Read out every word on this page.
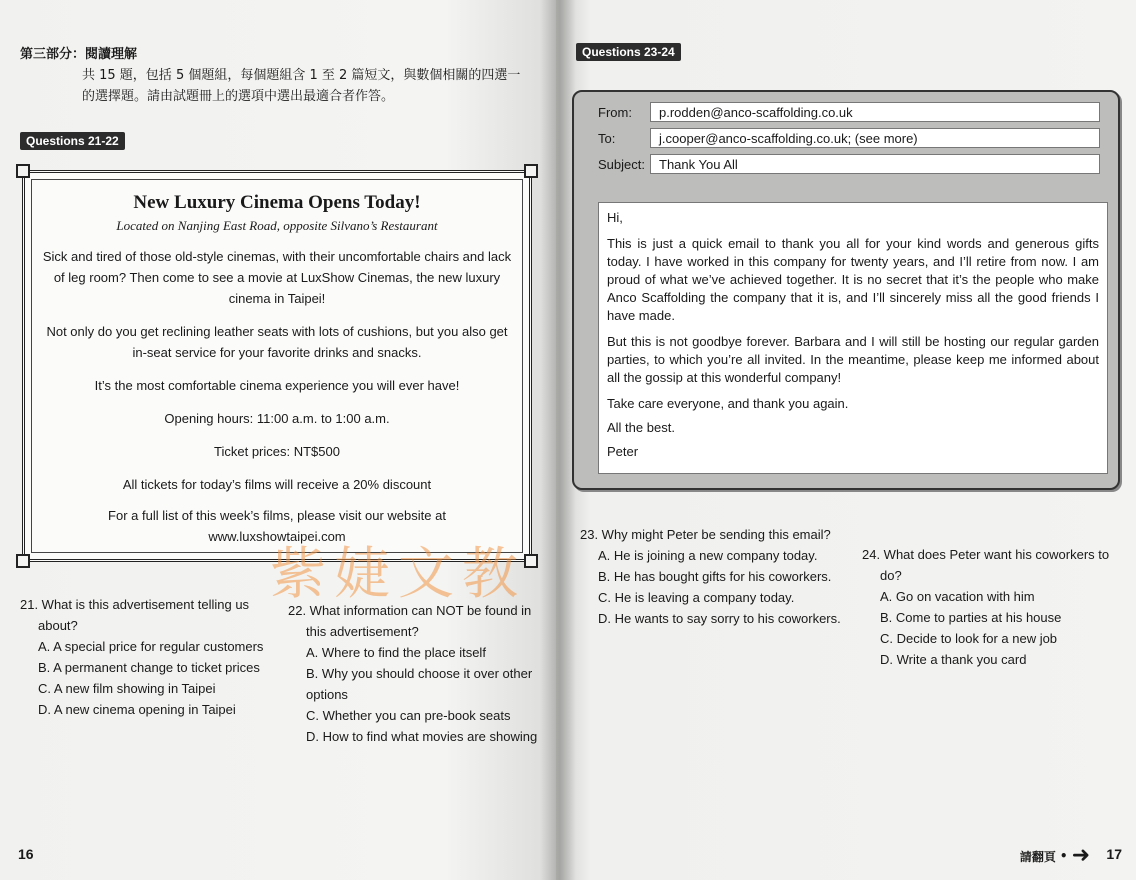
第三部分：閱讀理解
共 15 題，包括 5 個題組，每個題組含 1 至 2 篇短文，與數個相關的四選一的選擇題。請由試題冊上的選項中選出最適合者作答。
Questions 21-22
New Luxury Cinema Opens Today!
Located on Nanjing East Road, opposite Silvano’s Restaurant

Sick and tired of those old-style cinemas, with their uncomfortable chairs and lack of leg room? Then come to see a movie at LuxShow Cinemas, the new luxury cinema in Taipei!

Not only do you get reclining leather seats with lots of cushions, but you also get in-seat service for your favorite drinks and snacks.

It’s the most comfortable cinema experience you will ever have!

Opening hours: 11:00 a.m. to 1:00 a.m.

Ticket prices: NT$500

All tickets for today’s films will receive a 20% discount

For a full list of this week’s films, please visit our website at www.luxshowtaipei.com

21. What is this advertisement telling us about?
A. A special price for regular customers
B. A permanent change to ticket prices
C. A new film showing in Taipei
D. A new cinema opening in Taipei
22. What information can NOT be found in this advertisement?
A. Where to find the place itself
B. Why you should choose it over other options
C. Whether you can pre-book seats
D. How to find what movies are showing
紫婕文教
16
Questions 23-24
From:	p.rodden@anco-scaffolding.co.uk
To:	j.cooper@anco-scaffolding.co.uk; (see more)
Subject:	Thank You All

Hi,

This is just a quick email to thank you all for your kind words and generous gifts today. I have worked in this company for twenty years, and I’ll retire from now. I am proud of what we’ve achieved together. It is no secret that it’s the people who make Anco Scaffolding the company that it is, and I’ll sincerely miss all the good friends I have made.

But this is not goodbye forever. Barbara and I will still be hosting our regular garden parties, to which you’re all invited. In the meantime, please keep me informed about all the gossip at this wonderful company!

Take care everyone, and thank you again.

All the best.

Peter

23. Why might Peter be sending this email?
A. He is joining a new company today.
B. He has bought gifts for his coworkers.
C. He is leaving a company today.
D. He wants to say sorry to his coworkers.
24. What does Peter want his coworkers to do?
A. Go on vacation with him
B. Come to parties at his house
C. Decide to look for a new job
D. Write a thank you card
請翻頁 • ➜ 17
